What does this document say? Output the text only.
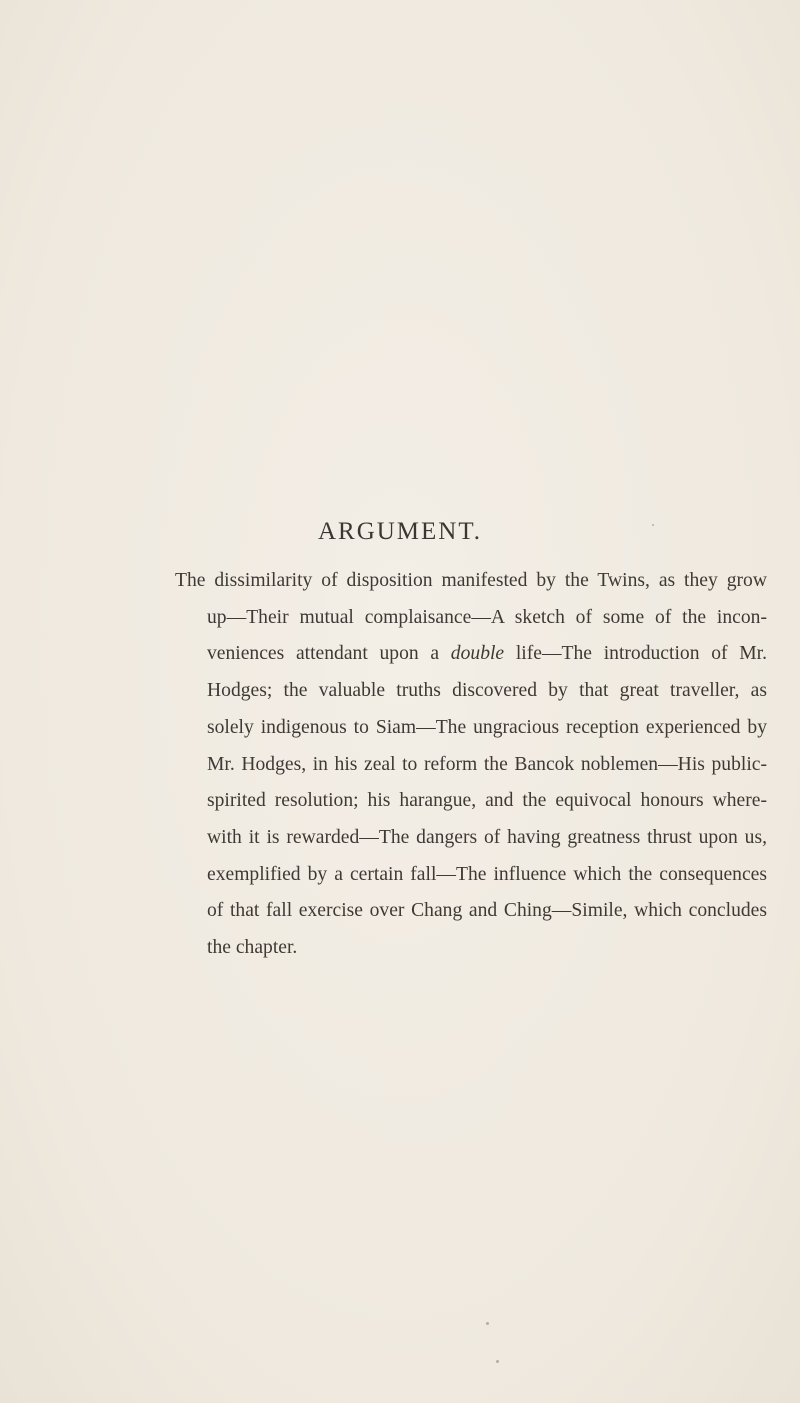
ARGUMENT.

The dissimilarity of disposition manifested by the Twins, as they grow
up—Their mutual complaisance—A sketch of some of the incon-
veniences attendant upon a double life—The introduction of Mr.
Hodges; the valuable truths discovered by that great traveller, as
solely indigenous to Siam—The ungracious reception experienced by
Mr. Hodges, in his zeal to reform the Bancok noblemen—His public-
spirited resolution; his harangue, and the equivocal honours where-
with it is rewarded—The dangers of having greatness thrust upon us,
exemplified by a certain fall—The influence which the consequences
of that fall exercise over Chang and Ching—Simile, which concludes
the chapter.
